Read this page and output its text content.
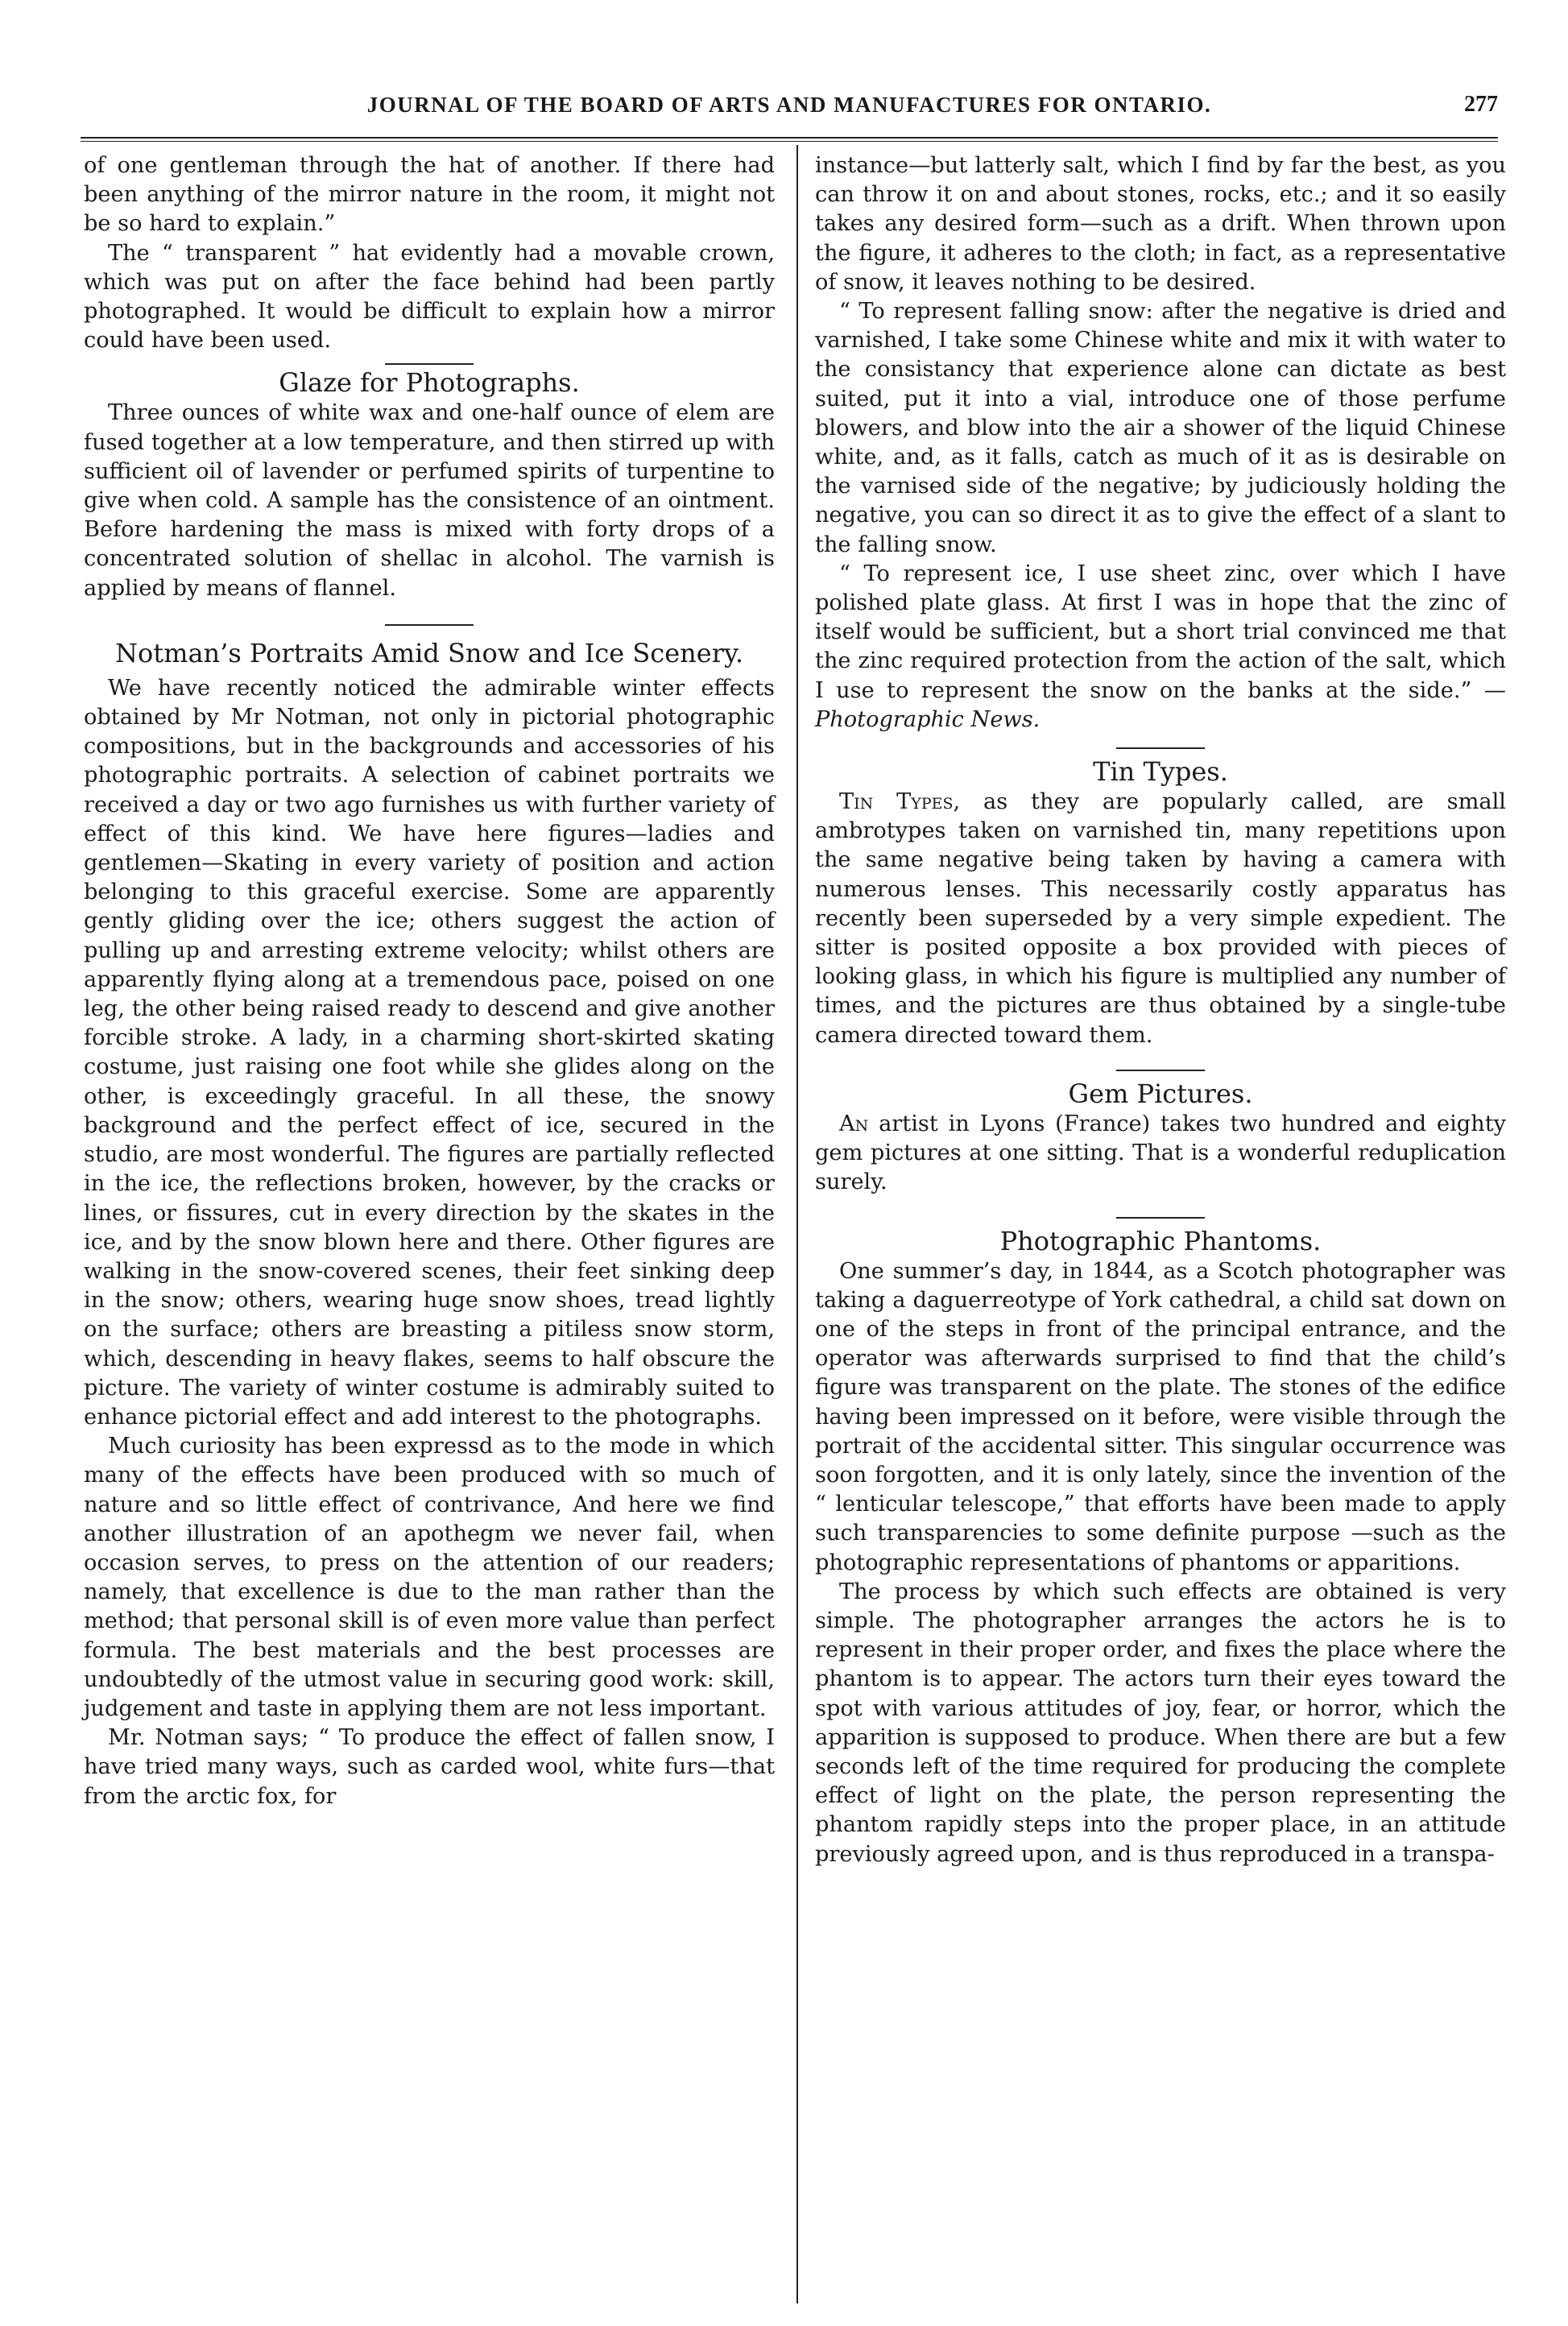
JOURNAL OF THE BOARD OF ARTS AND MANUFACTURES FOR ONTARIO.	277

of one gentleman through the hat of another. If there had been anything of the mirror nature in the room, it might not be so hard to explain.”

The “ transparent ” hat evidently had a movable crown, which was put on after the face behind had been partly photographed. It would be difficult to explain how a mirror could have been used.

Glaze for Photographs.

Three ounces of white wax and one-half ounce of elem are fused together at a low temperature, and then stirred up with sufficient oil of lavender or perfumed spirits of turpentine to give when cold. A sample has the consistence of an ointment. Before hardening the mass is mixed with forty drops of a concentrated solution of shellac in alcohol. The varnish is applied by means of flannel.

Notman’s Portraits Amid Snow and Ice Scenery.

We have recently noticed the admirable winter effects obtained by Mr Notman, not only in pictorial photographic compositions, but in the backgrounds and accessories of his photographic portraits. A selection of cabinet portraits we received a day or two ago furnishes us with further variety of effect of this kind. We have here figures—ladies and gentlemen—Skating in every variety of position and action belonging to this graceful exercise. Some are apparently gently gliding over the ice; others suggest the action of pulling up and arresting extreme velocity; whilst others are apparently flying along at a tremendous pace, poised on one leg, the other being raised ready to descend and give another forcible stroke. A lady, in a charming short-skirted skating costume, just raising one foot while she glides along on the other, is exceedingly graceful. In all these, the snowy background and the perfect effect of ice, secured in the studio, are most wonderful. The figures are partially reflected in the ice, the reflections broken, however, by the cracks or lines, or fissures, cut in every direction by the skates in the ice, and by the snow blown here and there. Other figures are walking in the snow-covered scenes, their feet sinking deep in the snow; others, wearing huge snow shoes, tread lightly on the surface; others are breasting a pitiless snow storm, which, descending in heavy flakes, seems to half obscure the picture. The variety of winter costume is admirably suited to enhance pictorial effect and add interest to the photographs.

Much curiosity has been expressd as to the mode in which many of the effects have been produced with so much of nature and so little effect of contrivance, And here we find another illustration of an apothegm we never fail, when occasion serves, to press on the attention of our readers; namely, that excellence is due to the man rather than the method; that personal skill is of even more value than perfect formula. The best materials and the best processes are undoubtedly of the utmost value in securing good work: skill, judgement and taste in applying them are not less important.

Mr. Notman says; “ To produce the effect of fallen snow, I have tried many ways, such as carded wool, white furs—that from the arctic fox, for

instance—but latterly salt, which I find by far the best, as you can throw it on and about stones, rocks, etc.; and it so easily takes any desired form—such as a drift. When thrown upon the figure, it adheres to the cloth; in fact, as a representative of snow, it leaves nothing to be desired.

“ To represent falling snow: after the negative is dried and varnished, I take some Chinese white and mix it with water to the consistancy that experience alone can dictate as best suited, put it into a vial, introduce one of those perfume blowers, and blow into the air a shower of the liquid Chinese white, and, as it falls, catch as much of it as is desirable on the varnised side of the negative; by judiciously holding the negative, you can so direct it as to give the effect of a slant to the falling snow.

“ To represent ice, I use sheet zinc, over which I have polished plate glass. At first I was in hope that the zinc of itself would be sufficient, but a short trial convinced me that the zinc required protection from the action of the salt, which I use to represent the snow on the banks at the side.” —Photographic News.

Tin Types.

Tin Types, as they are popularly called, are small ambrotypes taken on varnished tin, many repetitions upon the same negative being taken by having a camera with numerous lenses. This necessarily costly apparatus has recently been superseded by a very simple expedient. The sitter is posited opposite a box provided with pieces of looking glass, in which his figure is multiplied any number of times, and the pictures are thus obtained by a single-tube camera directed toward them.

Gem Pictures.

An artist in Lyons (France) takes two hundred and eighty gem pictures at one sitting. That is a wonderful reduplication surely.

Photographic Phantoms.

One summer’s day, in 1844, as a Scotch photographer was taking a daguerreotype of York cathedral, a child sat down on one of the steps in front of the principal entrance, and the operator was afterwards surprised to find that the child’s figure was transparent on the plate. The stones of the edifice having been impressed on it before, were visible through the portrait of the accidental sitter. This singular occurrence was soon forgotten, and it is only lately, since the invention of the “ lenticular telescope,” that efforts have been made to apply such transparencies to some definite purpose —such as the photographic representations of phantoms or apparitions.

The process by which such effects are obtained is very simple. The photographer arranges the actors he is to represent in their proper order, and fixes the place where the phantom is to appear. The actors turn their eyes toward the spot with various attitudes of joy, fear, or horror, which the apparition is supposed to produce. When there are but a few seconds left of the time required for producing the complete effect of light on the plate, the person representing the phantom rapidly steps into the proper place, in an attitude previously agreed upon, and is thus reproduced in a transpa-
